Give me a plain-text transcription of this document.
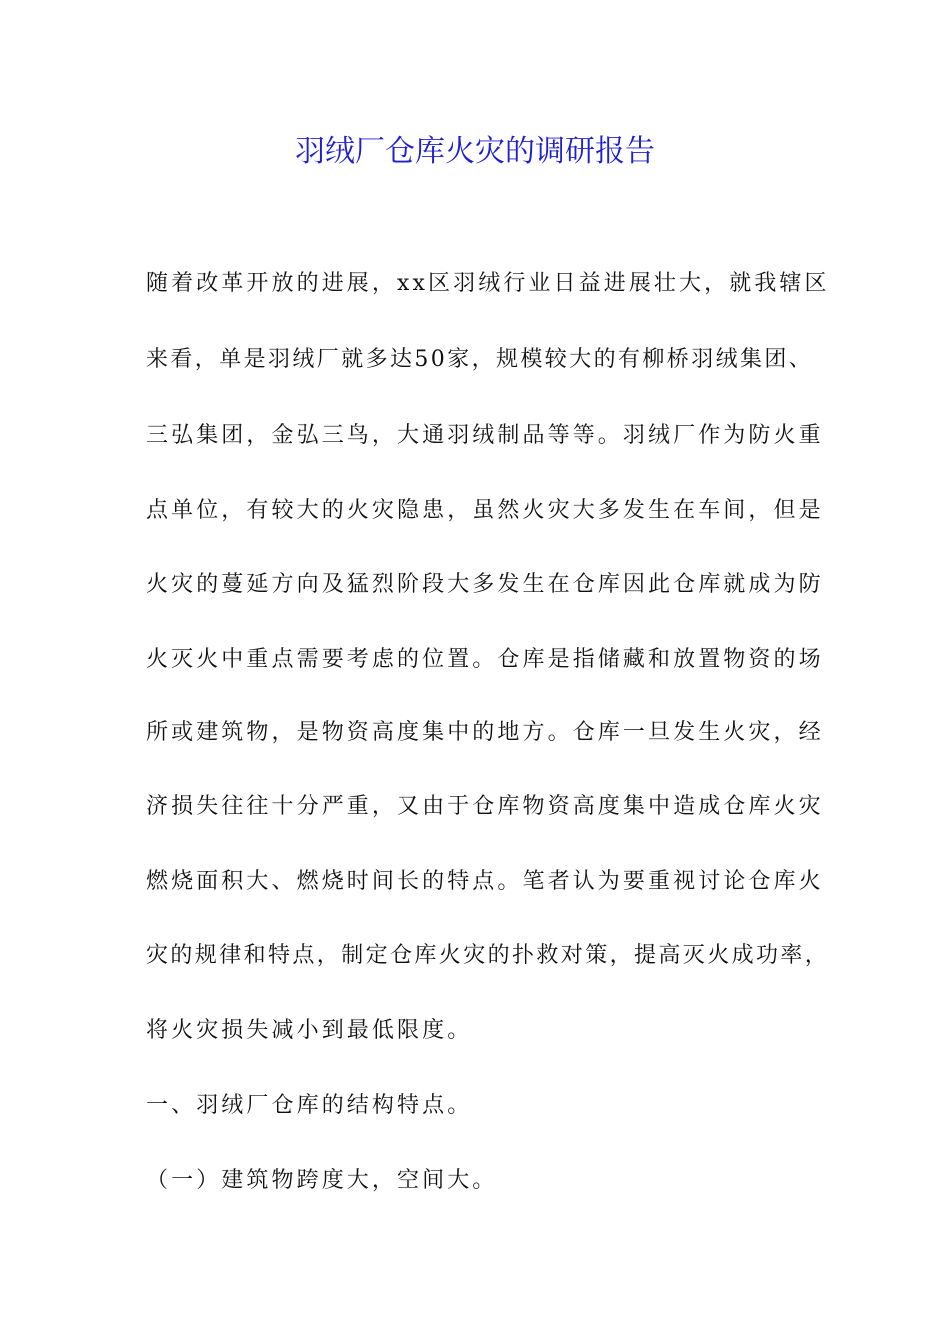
羽绒厂仓库火灾的调研报告

随着改革开放的进展，xx区羽绒行业日益进展壮大，就我辖区

来看，单是羽绒厂就多达50家，规模较大的有柳桥羽绒集团、

三弘集团，金弘三鸟，大通羽绒制品等等。羽绒厂作为防火重

点单位，有较大的火灾隐患，虽然火灾大多发生在车间，但是

火灾的蔓延方向及猛烈阶段大多发生在仓库因此仓库就成为防

火灭火中重点需要考虑的位置。仓库是指储藏和放置物资的场

所或建筑物，是物资高度集中的地方。仓库一旦发生火灾，经

济损失往往十分严重，又由于仓库物资高度集中造成仓库火灾

燃烧面积大、燃烧时间长的特点。笔者认为要重视讨论仓库火

灾的规律和特点，制定仓库火灾的扑救对策，提高灭火成功率，

将火灾损失减小到最低限度。

一、羽绒厂仓库的结构特点。

（一）建筑物跨度大，空间大。
